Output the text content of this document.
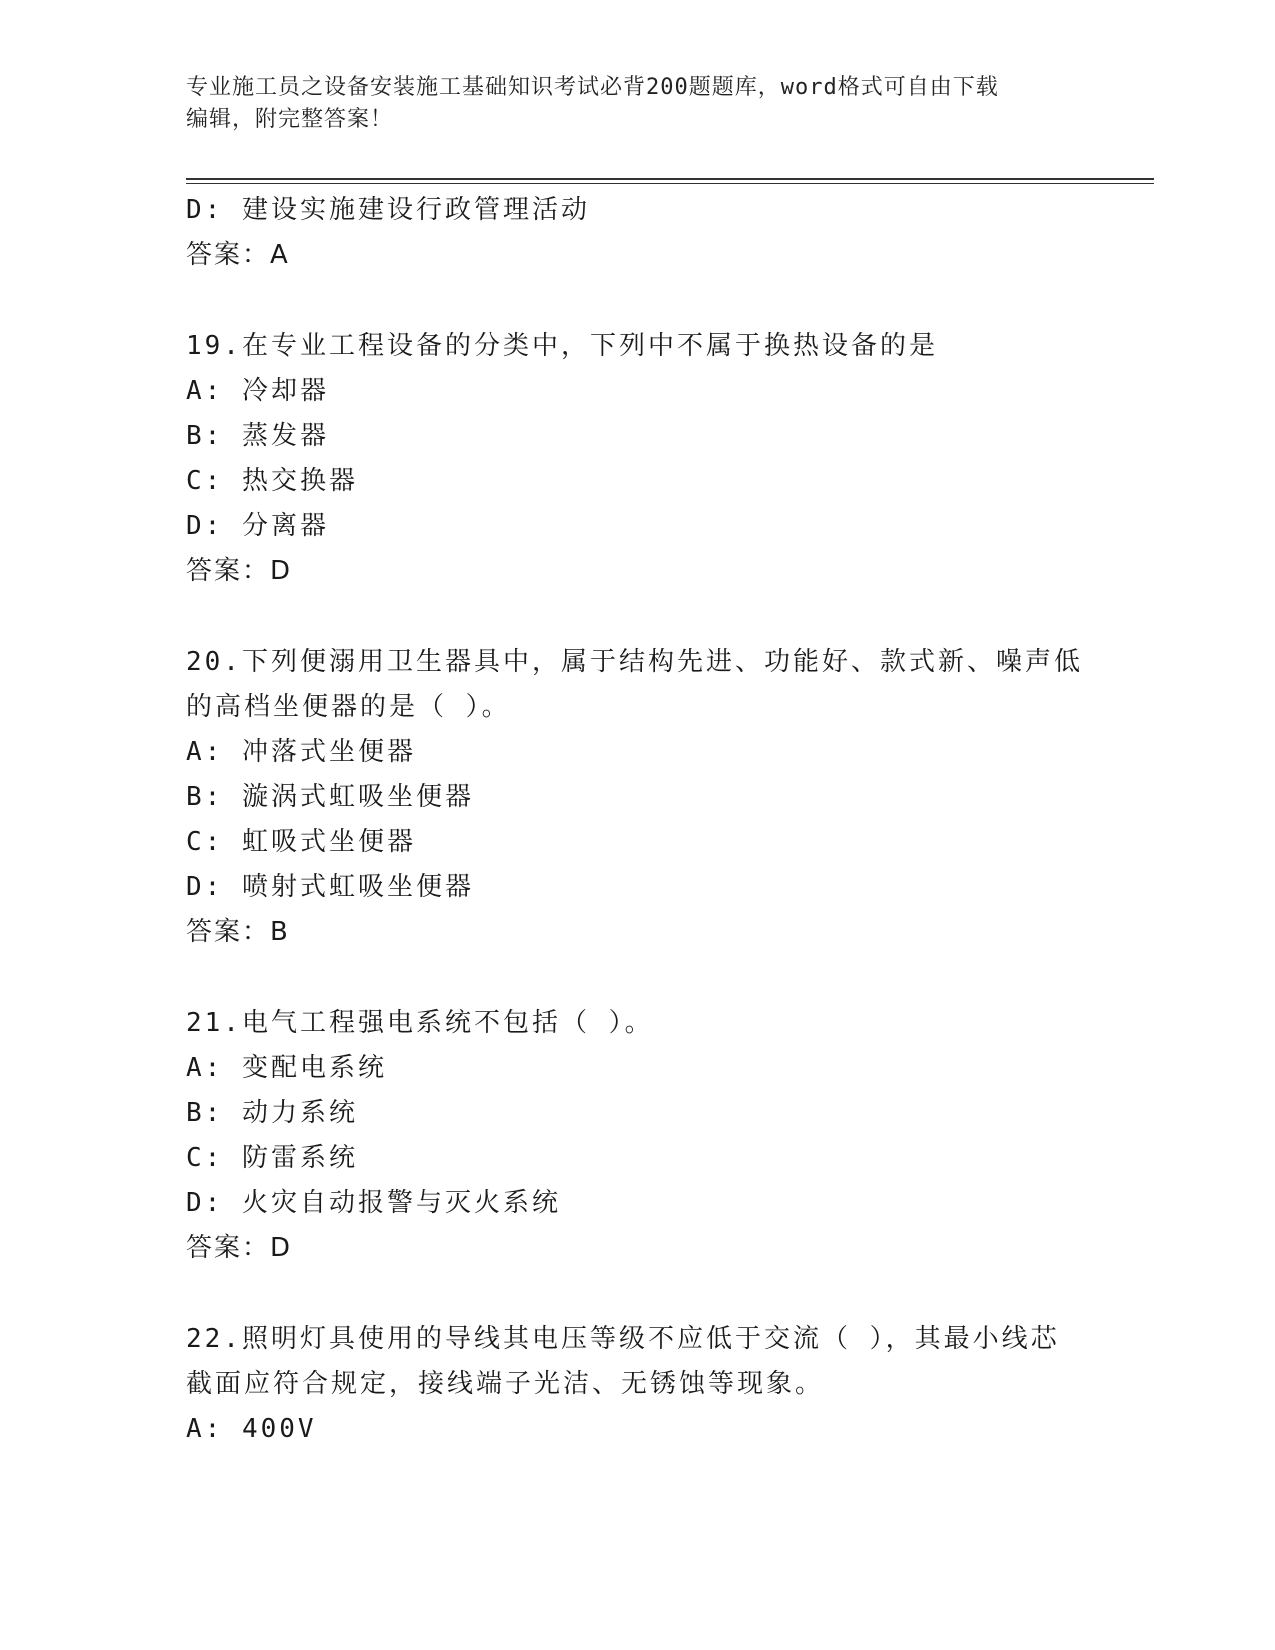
专业施工员之设备安装施工基础知识考试必背200题题库，word格式可自由下载
编辑，附完整答案！
D: 建设实施建设行政管理活动
答案：A
19.在专业工程设备的分类中，下列中不属于换热设备的是
A: 冷却器
B: 蒸发器
C: 热交换器
D: 分离器
答案：D
20.下列便溺用卫生器具中，属于结构先进、功能好、款式新、噪声低
的高档坐便器的是（ ）。
A: 冲落式坐便器
B: 漩涡式虹吸坐便器
C: 虹吸式坐便器
D: 喷射式虹吸坐便器
答案：B
21.电气工程强电系统不包括（ ）。
A: 变配电系统
B: 动力系统
C: 防雷系统
D: 火灾自动报警与灭火系统
答案：D
22.照明灯具使用的导线其电压等级不应低于交流（ ），其最小线芯
截面应符合规定，接线端子光洁、无锈蚀等现象。
A: 400V
